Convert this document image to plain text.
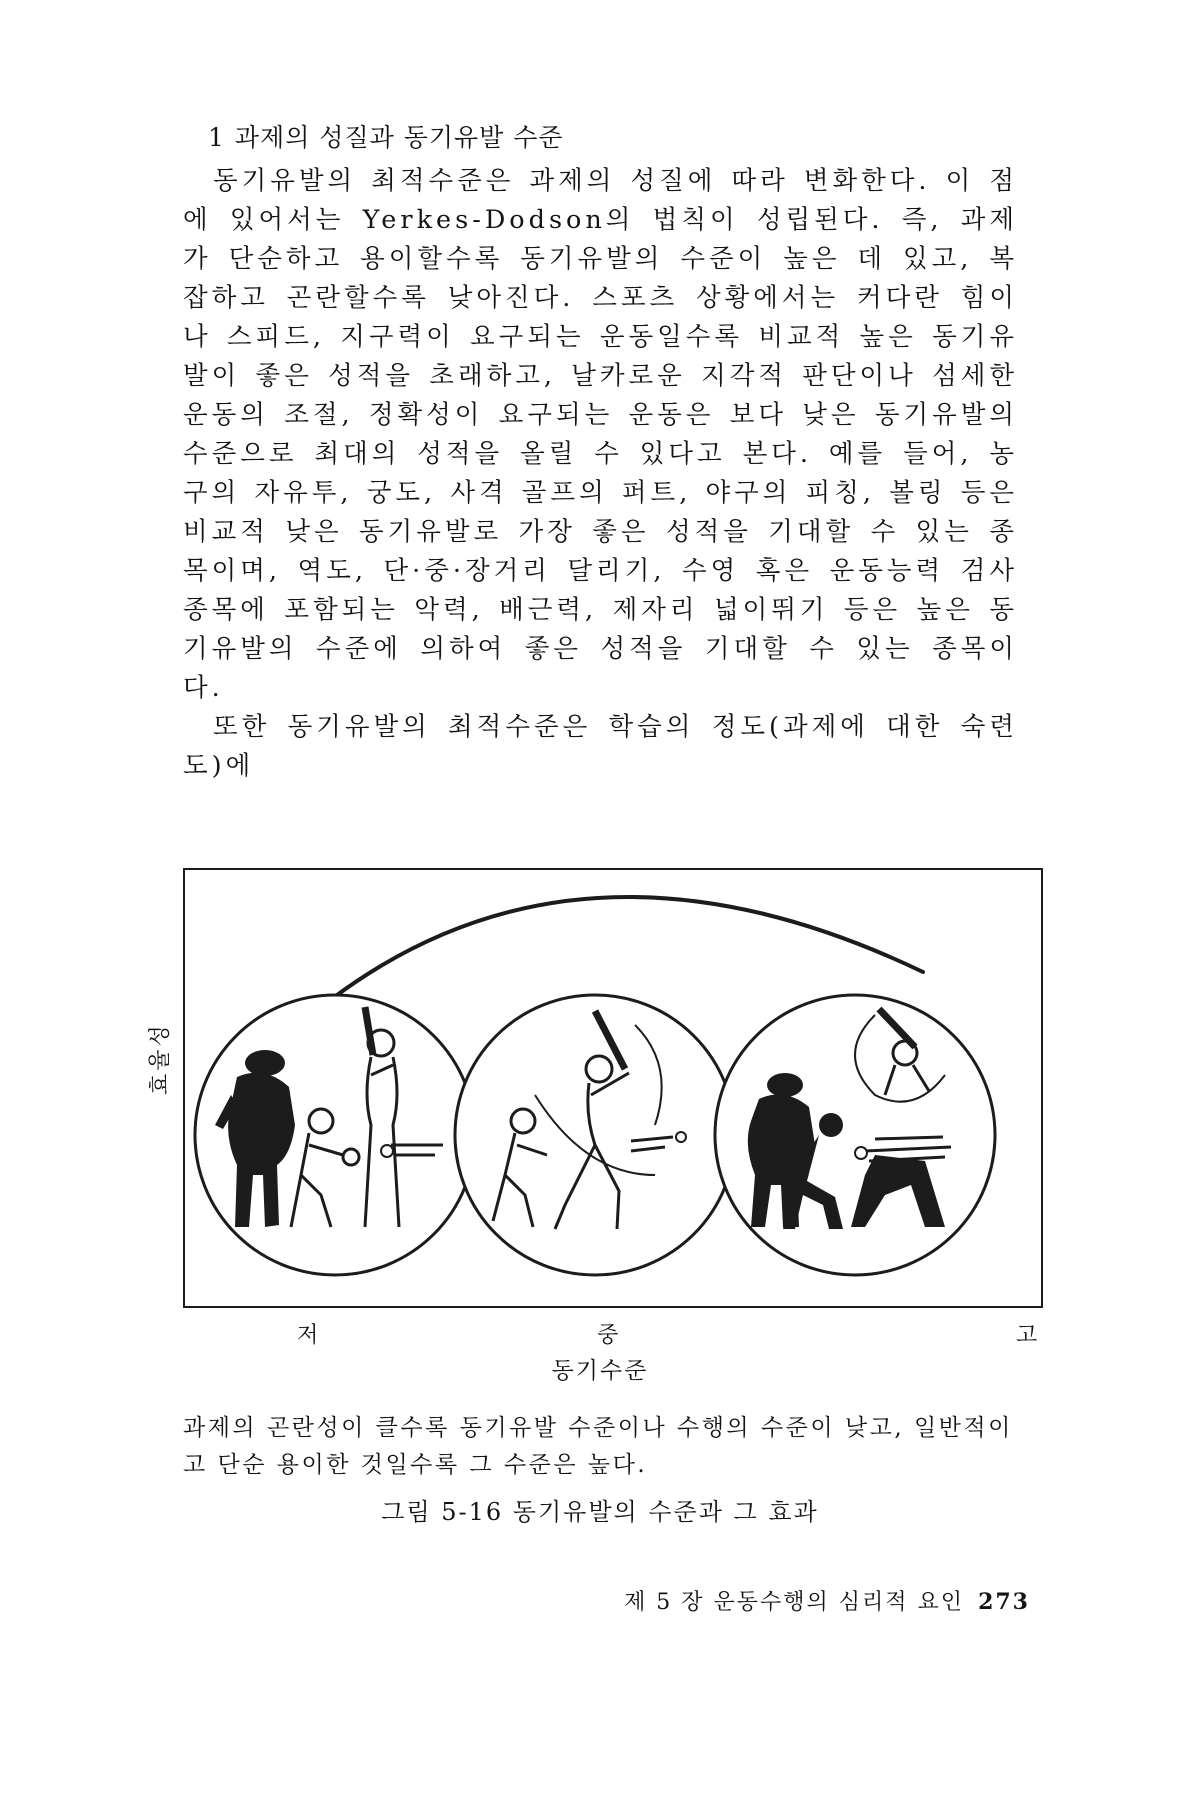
1 과제의 성질과 동기유발 수준

동기유발의 최적수준은 과제의 성질에 따라 변화한다. 이 점에 있어서는 Yerkes-Dodson의 법칙이 성립된다. 즉, 과제가 단순하고 용이할수록 동기유발의 수준이 높은 데 있고, 복잡하고 곤란할수록 낮아진다. 스포츠 상황에서는 커다란 힘이나 스피드, 지구력이 요구되는 운동일수록 비교적 높은 동기유발이 좋은 성적을 초래하고, 날카로운 지각적 판단이나 섬세한 운동의 조절, 정확성이 요구되는 운동은 보다 낮은 동기유발의 수준으로 최대의 성적을 올릴 수 있다고 본다. 예를 들어, 농구의 자유투, 궁도, 사격 골프의 퍼트, 야구의 피칭, 볼링 등은 비교적 낮은 동기유발로 가장 좋은 성적을 기대할 수 있는 종목이며, 역도, 단·중·장거리 달리기, 수영 혹은 운동능력 검사 종목에 포함되는 악력, 배근력, 제자리 넓이뛰기 등은 높은 동기유발의 수준에 의하여 좋은 성적을 기대할 수 있는 종목이다.

또한 동기유발의 최적수준은 학습의 정도(과제에 대한 숙련도)에

효율성
저	중	고
동기수준
과제의 곤란성이 클수록 동기유발 수준이나 수행의 수준이 낮고, 일반적이고 단순 용이한 것일수록 그 수준은 높다.
그림 5-16 동기유발의 수준과 그 효과
제 5 장 운동수행의 심리적 요인 273
